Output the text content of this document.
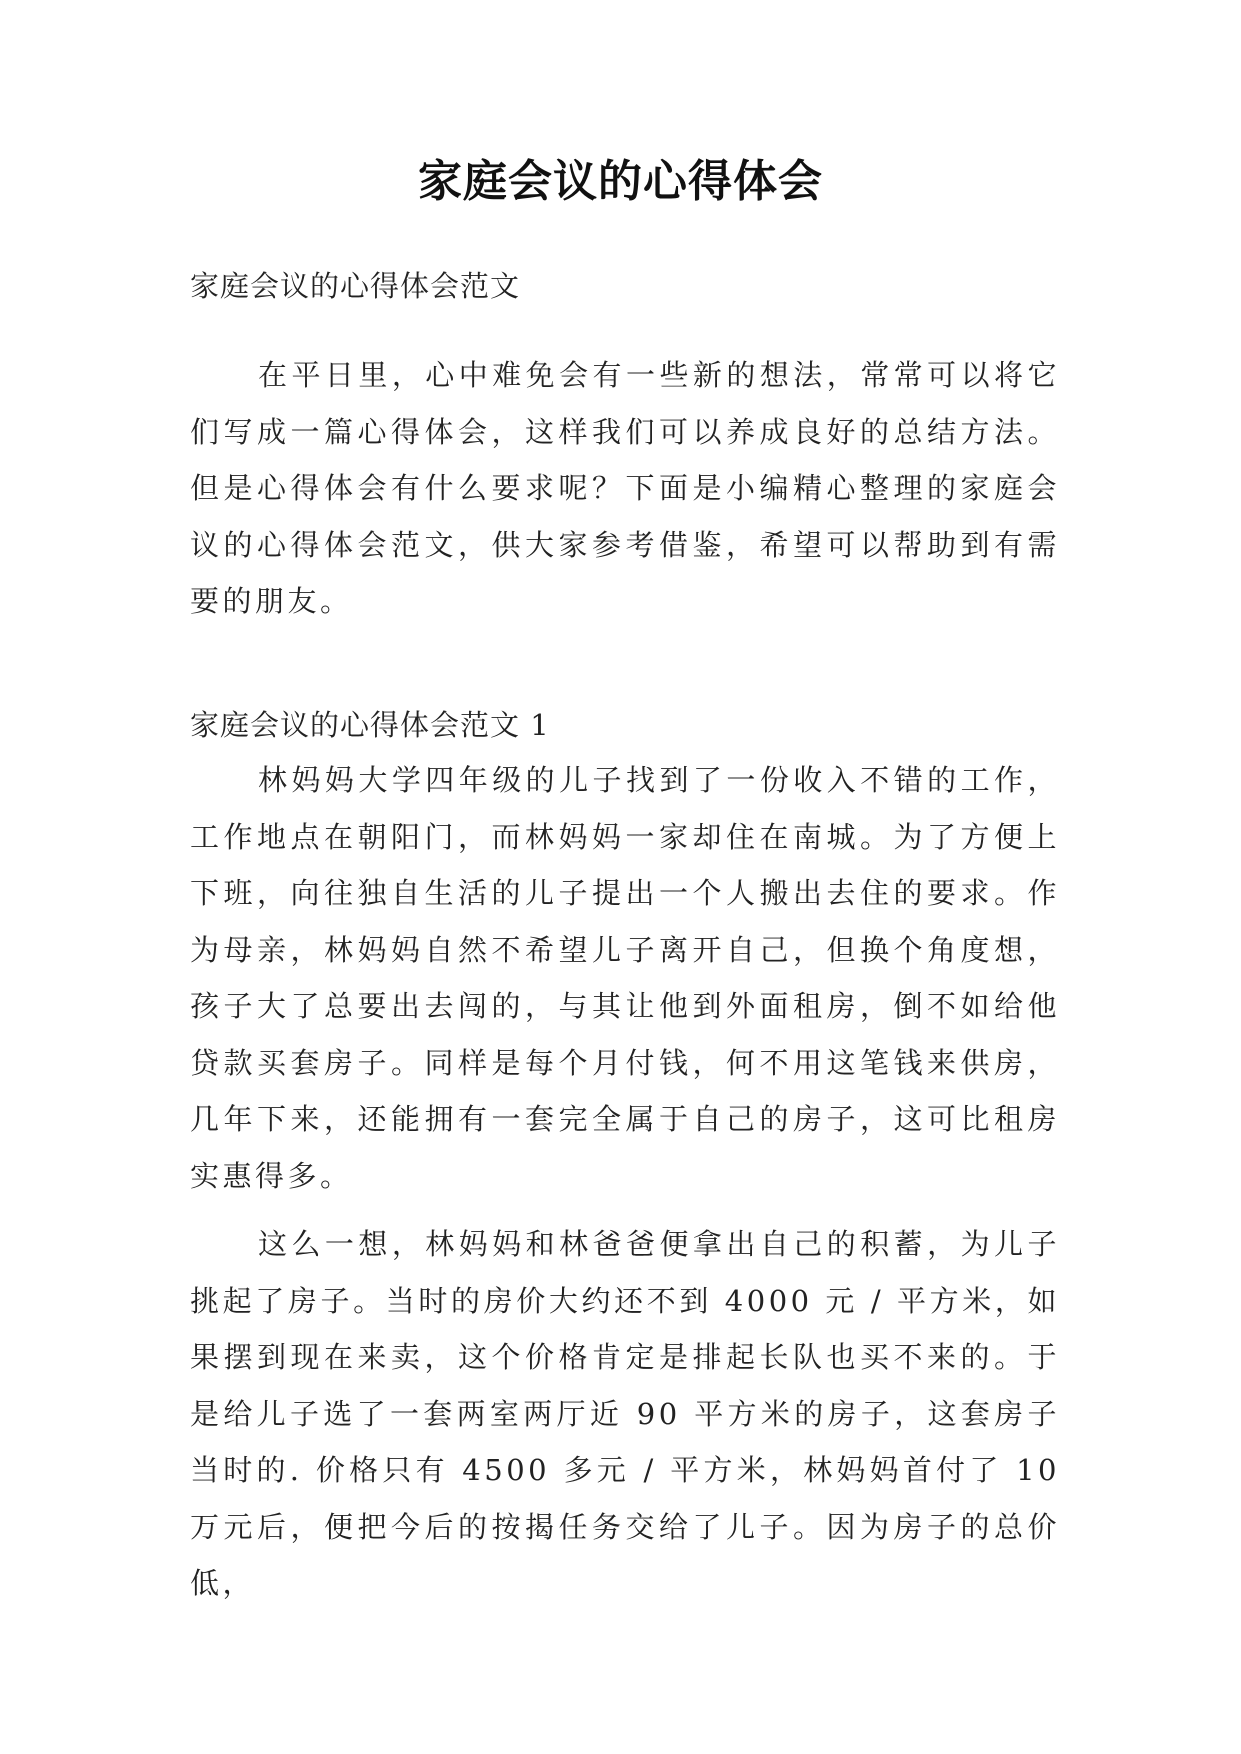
家庭会议的心得体会
家庭会议的心得体会范文

在平日里，心中难免会有一些新的想法，常常可以将它们写成一篇心得体会，这样我们可以养成良好的总结方法。但是心得体会有什么要求呢？下面是小编精心整理的家庭会议的心得体会范文，供大家参考借鉴，希望可以帮助到有需要的朋友。

家庭会议的心得体会范文 1

林妈妈大学四年级的儿子找到了一份收入不错的工作，工作地点在朝阳门，而林妈妈一家却住在南城。为了方便上下班，向往独自生活的儿子提出一个人搬出去住的要求。作为母亲，林妈妈自然不希望儿子离开自己，但换个角度想，孩子大了总要出去闯的，与其让他到外面租房，倒不如给他贷款买套房子。同样是每个月付钱，何不用这笔钱来供房，几年下来，还能拥有一套完全属于自己的房子，这可比租房实惠得多。

这么一想，林妈妈和林爸爸便拿出自己的积蓄，为儿子挑起了房子。当时的房价大约还不到 4000 元 / 平方米，如果摆到现在来卖，这个价格肯定是排起长队也买不来的。于是给儿子选了一套两室两厅近 90 平方米的房子，这套房子当时的. 价格只有 4500 多元 / 平方米，林妈妈首付了 10 万元后，便把今后的按揭任务交给了儿子。因为房子的总价低，
